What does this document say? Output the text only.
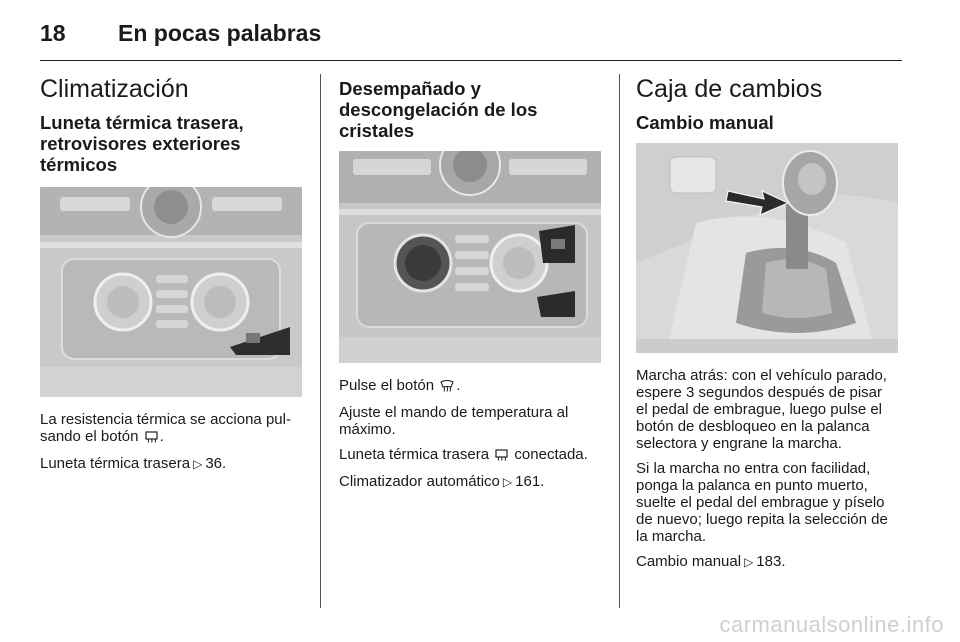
18 En pocas palabras
Climatización
Luneta térmica trasera,
retrovisores exteriores térmicos

La resistencia térmica se acciona pul-
sando el botón .

Luneta térmica trasera ▷ 36.

Desempañado y
descongelación de los cristales

Pulse el botón .

Ajuste el mando de temperatura al
máximo.

Luneta térmica trasera conectada.

Climatizador automático ▷ 161.

Caja de cambios
Cambio manual

Marcha atrás: con el vehículo parado,
espere 3 segundos después de pisar
el pedal de embrague, luego pulse el
botón de desbloqueo en la palanca
selectora y engrane la marcha.

Si la marcha no entra con facilidad,
ponga la palanca en punto muerto,
suelte el pedal del embrague y píselo
de nuevo; luego repita la selección de
la marcha.

Cambio manual ▷ 183.

carmanualsonline.info
